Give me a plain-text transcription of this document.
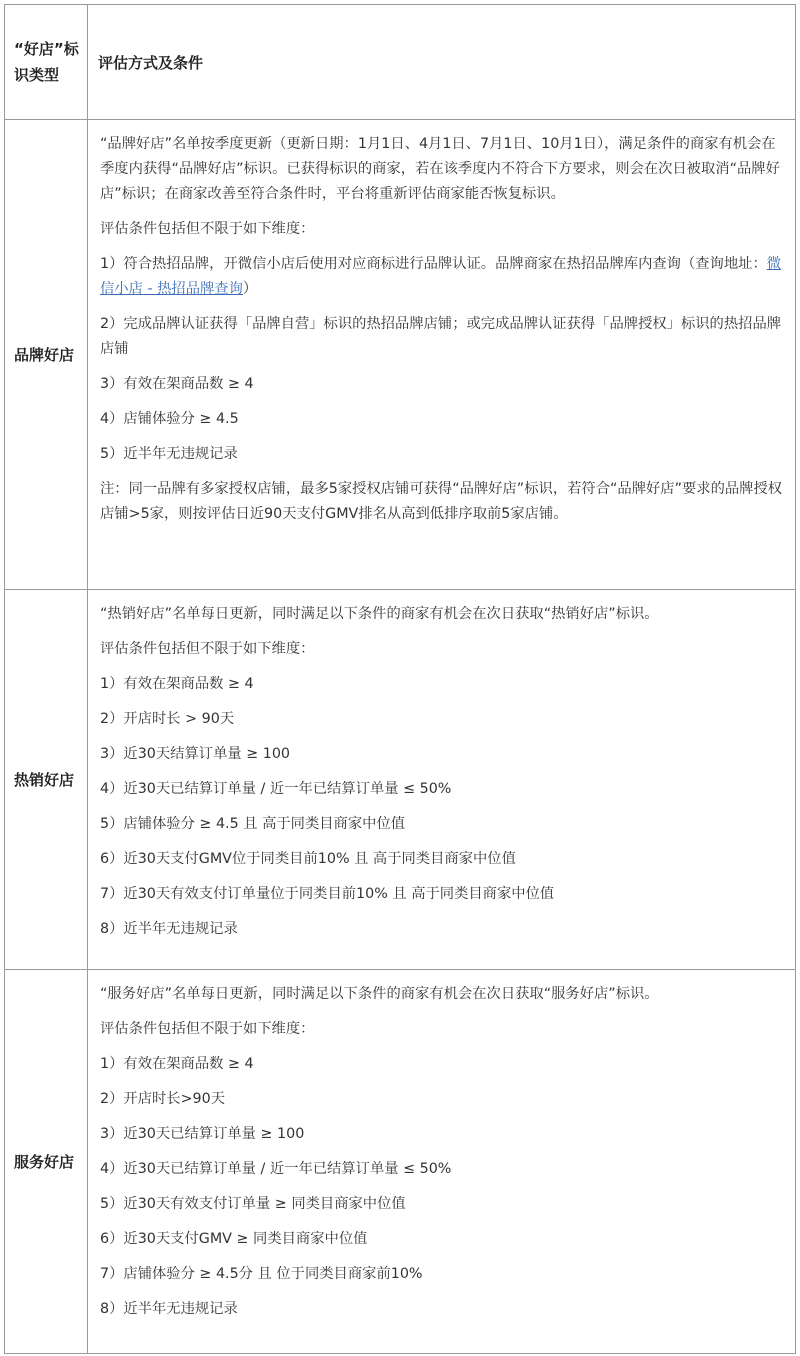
“好店”标识类型
评估方式及条件
品牌好店

“品牌好店”名单按季度更新（更新日期：1月1日、4月1日、7月1日、10月1日），满足条件的商家有机会在季度内获得“品牌好店”标识。已获得标识的商家，若在该季度内不符合下方要求，则会在次日被取消“品牌好店”标识；在商家改善至符合条件时，平台将重新评估商家能否恢复标识。

评估条件包括但不限于如下维度：

1）符合热招品牌，开微信小店后使用对应商标进行品牌认证。品牌商家在热招品牌库内查询（查询地址：微信小店 - 热招品牌查询）

2）完成品牌认证获得「品牌自营」标识的热招品牌店铺；或完成品牌认证获得「品牌授权」标识的热招品牌店铺

3）有效在架商品数 ≥ 4

4）店铺体验分 ≥ 4.5

5）近半年无违规记录

注：同一品牌有多家授权店铺，最多5家授权店铺可获得“品牌好店”标识，若符合“品牌好店”要求的品牌授权店铺>5家，则按评估日近90天支付GMV排名从高到低排序取前5家店铺。

热销好店

“热销好店”名单每日更新，同时满足以下条件的商家有机会在次日获取“热销好店”标识。

评估条件包括但不限于如下维度：

1）有效在架商品数 ≥ 4

2）开店时长 > 90天

3）近30天结算订单量 ≥ 100

4）近30天已结算订单量 / 近一年已结算订单量 ≤ 50%

5）店铺体验分 ≥ 4.5 且 高于同类目商家中位值

6）近30天支付GMV位于同类目前10% 且 高于同类目商家中位值

7）近30天有效支付订单量位于同类目前10% 且 高于同类目商家中位值

8）近半年无违规记录

服务好店

“服务好店”名单每日更新，同时满足以下条件的商家有机会在次日获取“服务好店”标识。

评估条件包括但不限于如下维度：

1）有效在架商品数 ≥ 4

2）开店时长>90天

3）近30天已结算订单量 ≥ 100

4）近30天已结算订单量 / 近一年已结算订单量 ≤ 50%

5）近30天有效支付订单量 ≥ 同类目商家中位值

6）近30天支付GMV ≥ 同类目商家中位值

7）店铺体验分 ≥ 4.5分 且 位于同类目商家前10%

8）近半年无违规记录
